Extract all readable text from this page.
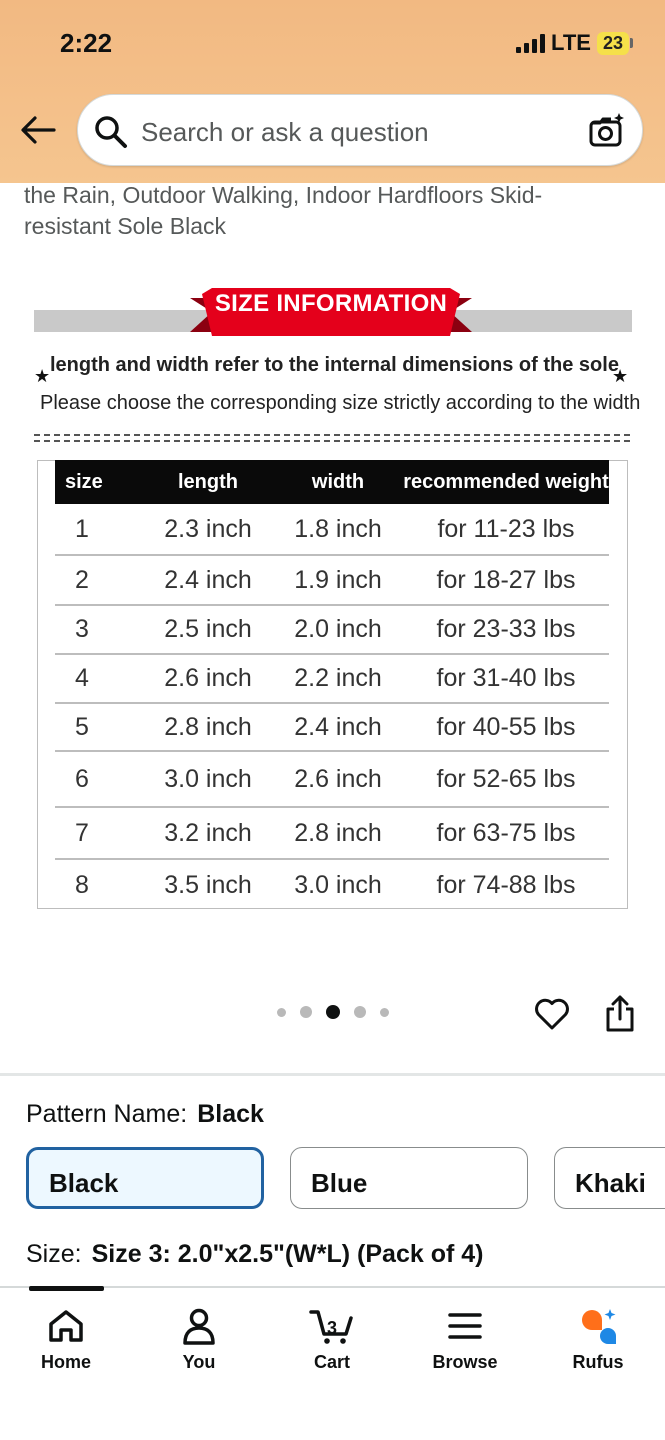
2:22	LTE 23
Search or ask a question
the Rain, Outdoor Walking, Indoor Hardfloors Skid-resistant Sole Black
SIZE INFORMATION
★ length and width refer to the internal dimensions of the sole
★
Please choose the corresponding size strictly according to the width
size	length	width	recommended weight
1	2.3 inch	1.8 inch	for 11-23 lbs
2	2.4 inch	1.9 inch	for 18-27 lbs
3	2.5 inch	2.0 inch	for 23-33 lbs
4	2.6 inch	2.2 inch	for 31-40 lbs
5	2.8 inch	2.4 inch	for 40-55 lbs
6	3.0 inch	2.6 inch	for 52-65 lbs
7	3.2 inch	2.8 inch	for 63-75 lbs
8	3.5 inch	3.0 inch	for 74-88 lbs
Pattern Name: Black
Black	Blue	Khaki
Size: Size 3: 2.0"x2.5"(W*L) (Pack of 4)
Home	You
3
Cart	Browse	Rufus
